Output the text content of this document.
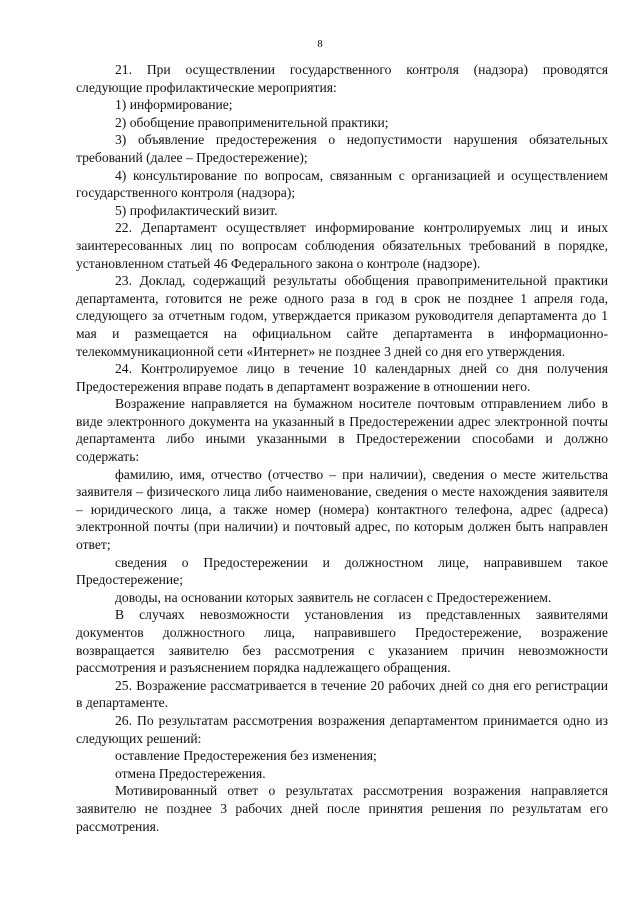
8

21. При осуществлении государственного контроля (надзора) проводятся следующие профилактические мероприятия:

1) информирование;

2) обобщение правоприменительной практики;

3) объявление предостережения о недопустимости нарушения обязательных требований (далее – Предостережение);

4) консультирование по вопросам, связанным с организацией и осуществлением государственного контроля (надзора);

5) профилактический визит.

22. Департамент осуществляет информирование контролируемых лиц и иных заинтересованных лиц по вопросам соблюдения обязательных требований в порядке, установленном статьей 46 Федерального закона о контроле (надзоре).

23. Доклад, содержащий результаты обобщения правоприменительной практики департамента, готовится не реже одного раза в год в срок не позднее 1 апреля года, следующего за отчетным годом, утверждается приказом руководителя департамента до 1 мая и размещается на официальном сайте департамента в информационно-телекоммуникационной сети «Интернет» не позднее 3 дней со дня его утверждения.

24. Контролируемое лицо в течение 10 календарных дней со дня получения Предостережения вправе подать в департамент возражение в отношении него.

Возражение направляется на бумажном носителе почтовым отправлением либо в виде электронного документа на указанный в Предостережении адрес электронной почты департамента либо иными указанными в Предостережении способами и должно содержать:

фамилию, имя, отчество (отчество – при наличии), сведения о месте жительства заявителя – физического лица либо наименование, сведения о месте нахождения заявителя – юридического лица, а также номер (номера) контактного телефона, адрес (адреса) электронной почты (при наличии) и почтовый адрес, по которым должен быть направлен ответ;

сведения о Предостережении и должностном лице, направившем такое Предостережение;

доводы, на основании которых заявитель не согласен с Предостережением.

В случаях невозможности установления из представленных заявителями документов должностного лица, направившего Предостережение, возражение возвращается заявителю без рассмотрения с указанием причин невозможности рассмотрения и разъяснением порядка надлежащего обращения.

25. Возражение рассматривается в течение 20 рабочих дней со дня его регистрации в департаменте.

26. По результатам рассмотрения возражения департаментом принимается одно из следующих решений:

оставление Предостережения без изменения;

отмена Предостережения.

Мотивированный ответ о результатах рассмотрения возражения направляется заявителю не позднее 3 рабочих дней после принятия решения по результатам его рассмотрения.
